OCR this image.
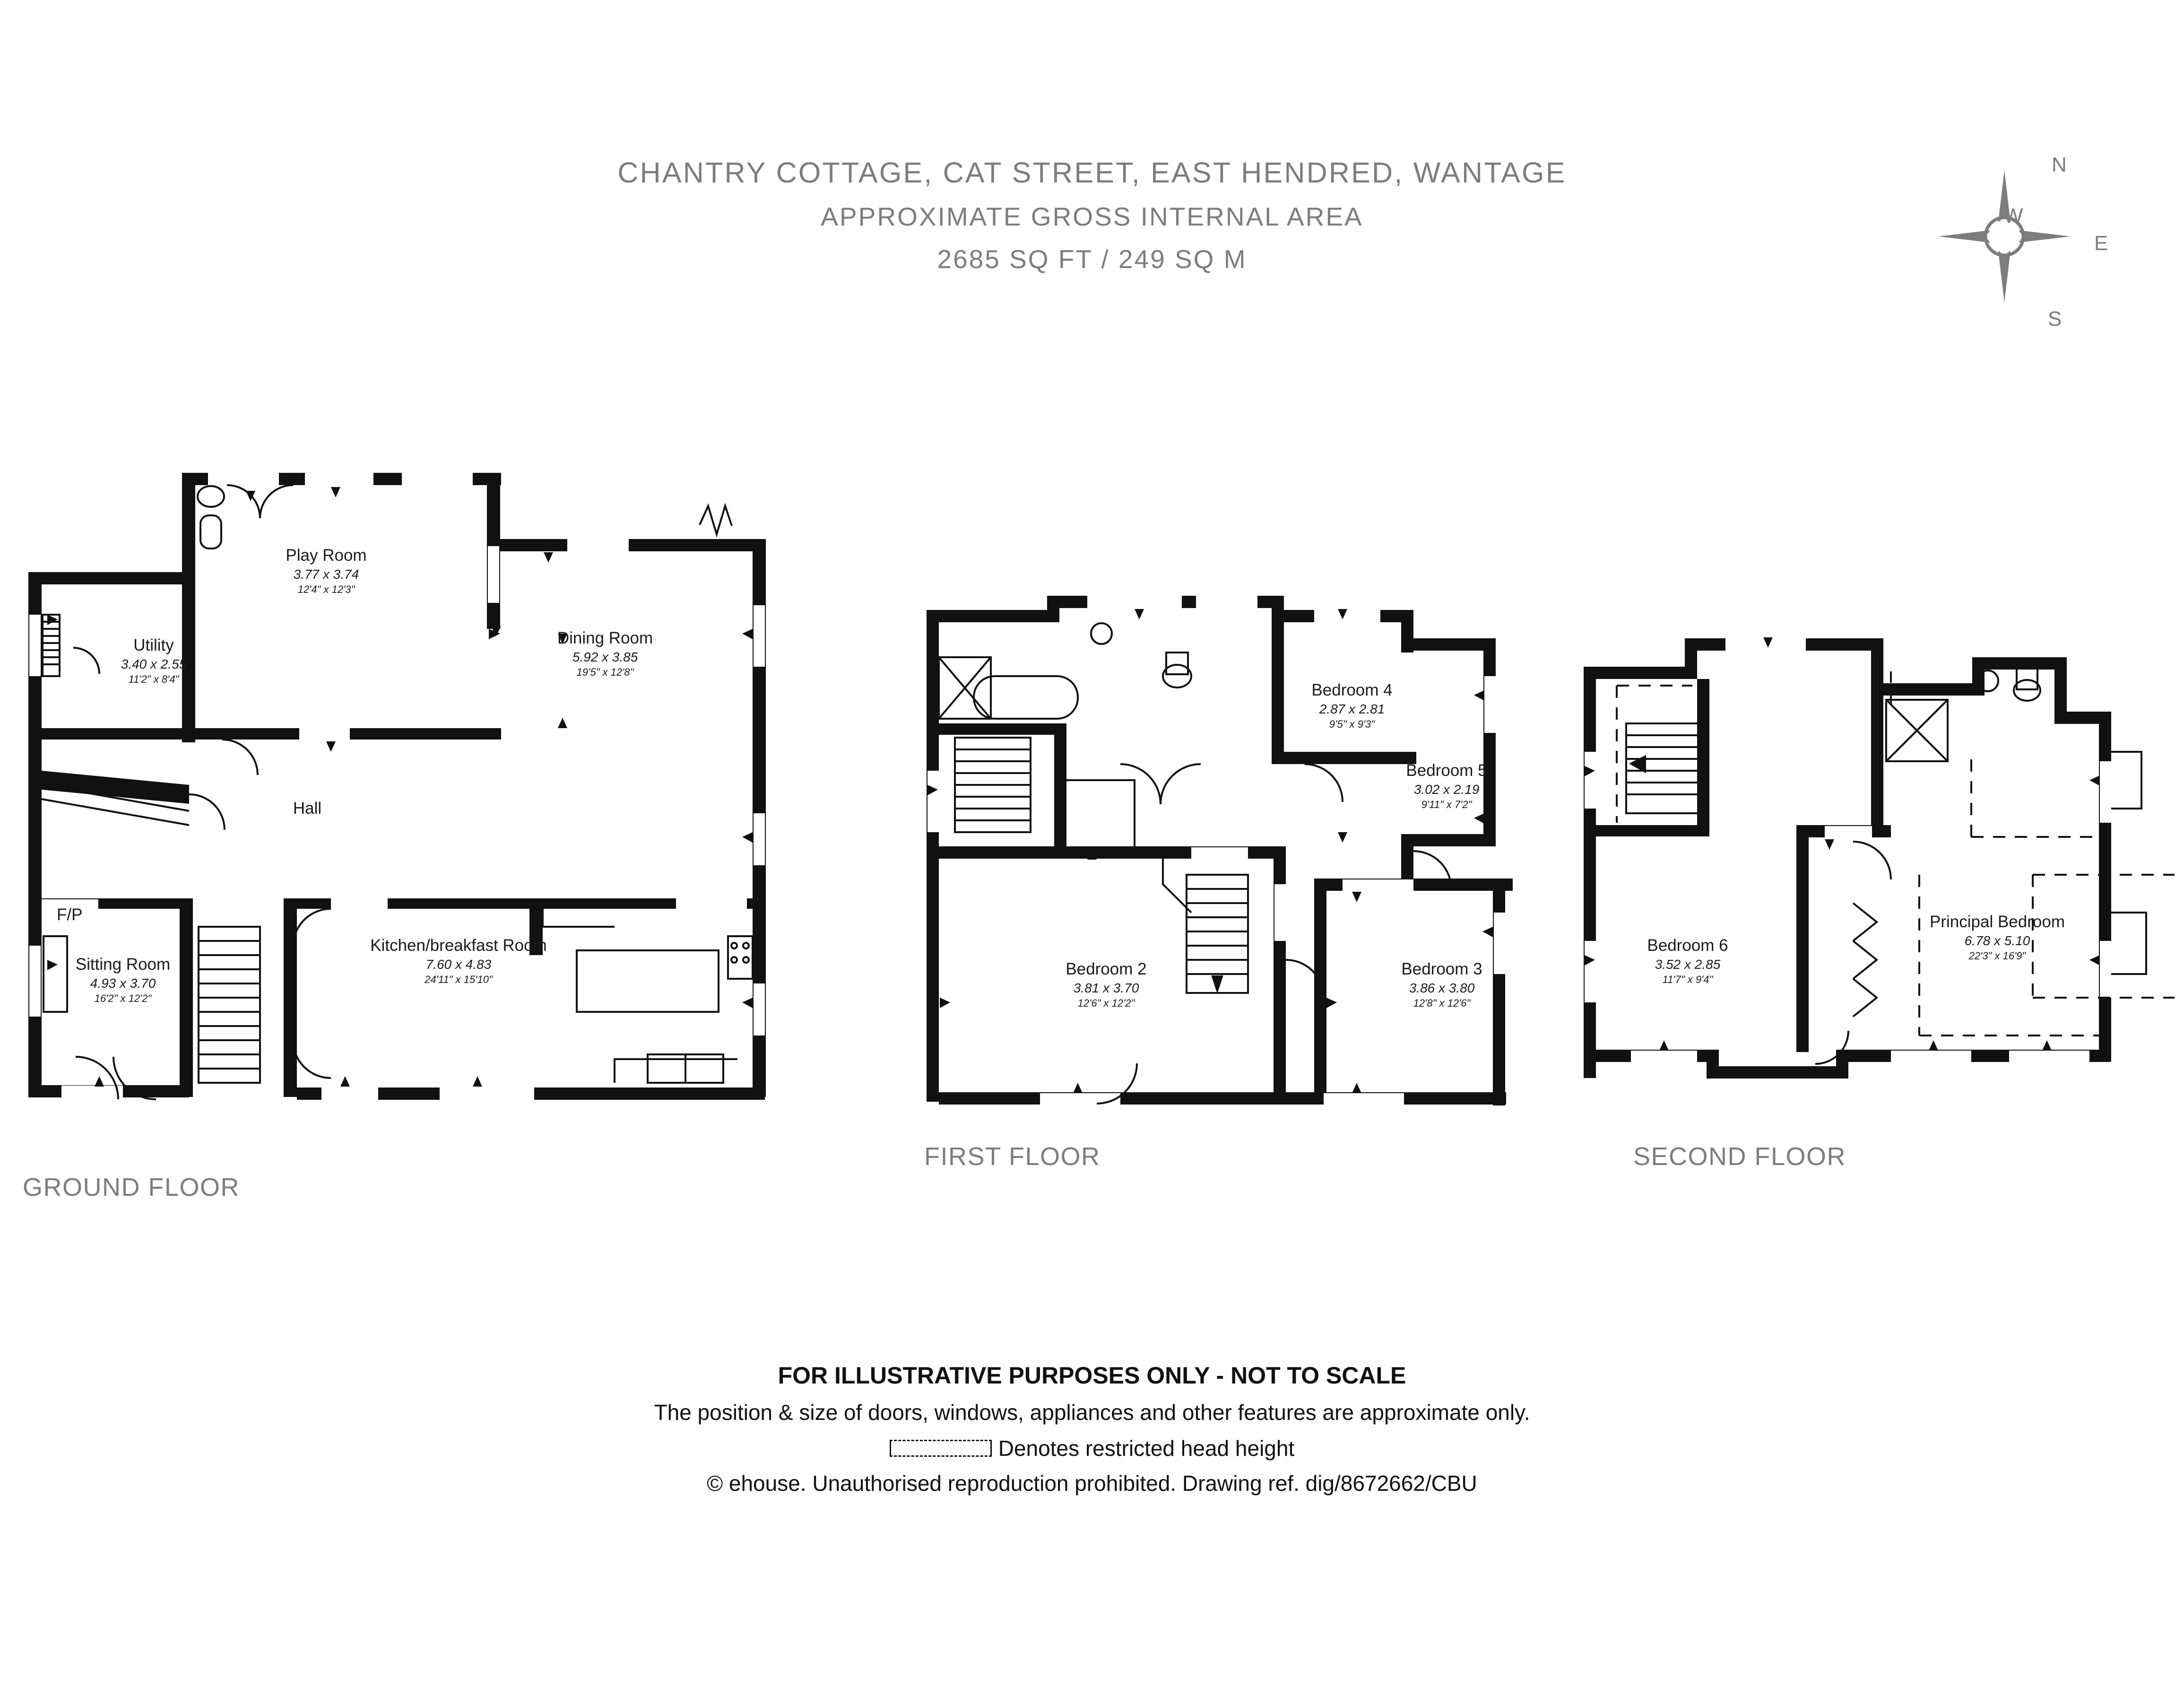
CHANTRY COTTAGE, CAT STREET, EAST HENDRED, WANTAGE
APPROXIMATE GROSS INTERNAL AREA
2685 SQ FT / 249 SQ M
N
E
S
W
Play Room
3.77 x 3.74
12'4" x 12'3"
Dining Room
5.92 x 3.85
19'5" x 12'8"
Utility
3.40 x 2.55
11'2" x 8'4"
Hall
F/P
Sitting Room
4.93 x 3.70
16'2" x 12'2"
Kitchen/breakfast Room
7.60 x 4.83
24'11" x 15'10"
GROUND FLOOR
Bedroom 4
2.87 x 2.81
9'5" x 9'3"
Bedroom 5
3.02 x 2.19
9'11" x 7'2"
Bedroom 2
3.81 x 3.70
12'6" x 12'2"
Bedroom 3
3.86 x 3.80
12'8" x 12'6"
FIRST FLOOR
Bedroom 6
3.52 x 2.85
11'7" x 9'4"
Principal Bedroom
6.78 x 5.10
22'3" x 16'9"
SECOND FLOOR
FOR ILLUSTRATIVE PURPOSES ONLY - NOT TO SCALE
The position & size of doors, windows, appliances and other features are approximate only.
Denotes restricted head height
© ehouse. Unauthorised reproduction prohibited. Drawing ref. dig/8672662/CBU
